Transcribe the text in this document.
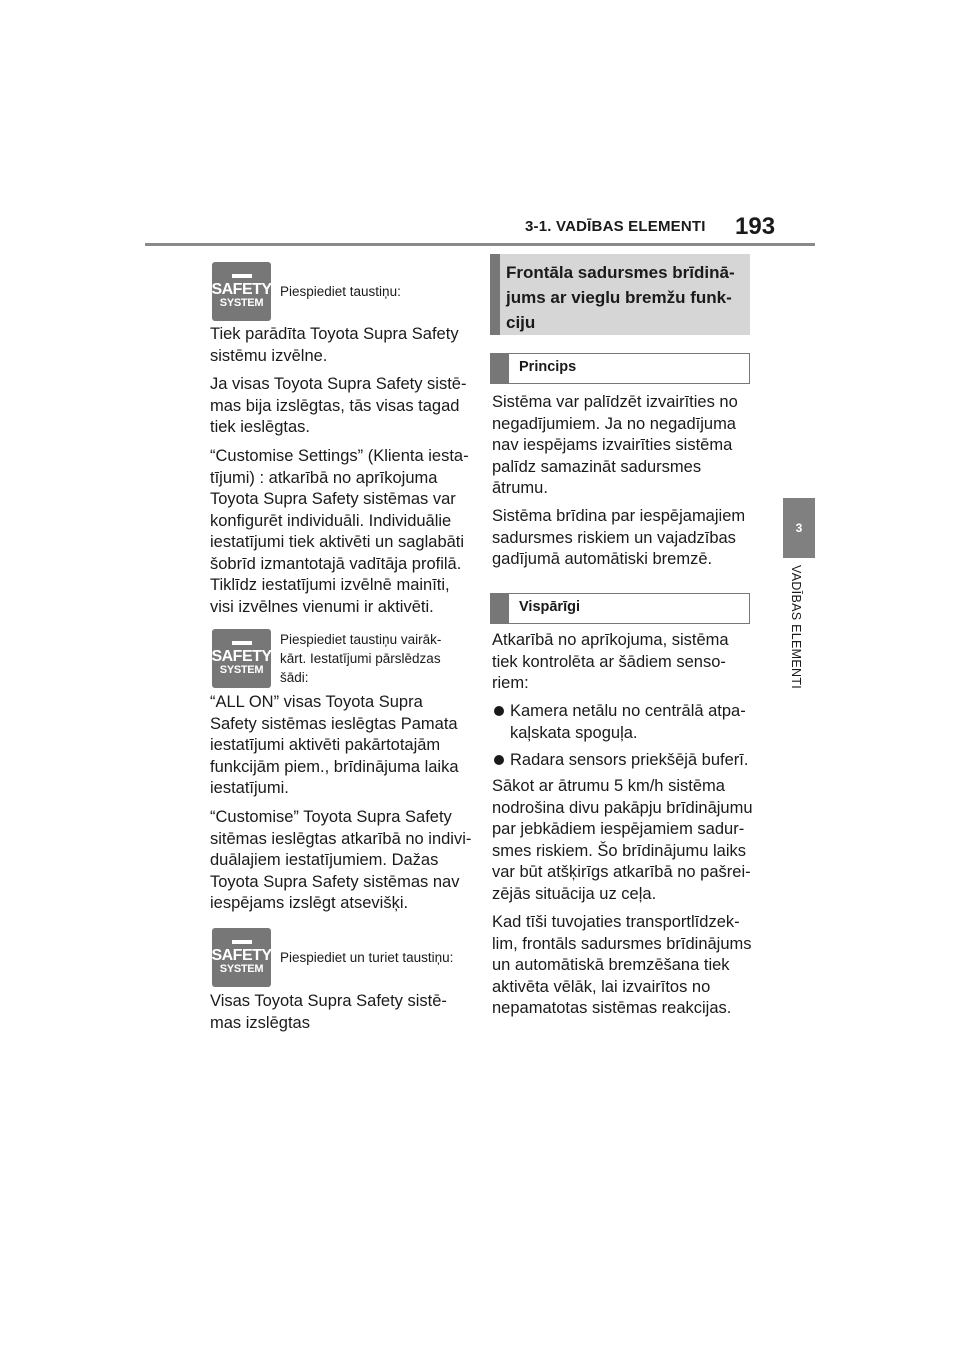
3-1. VADĪBAS ELEMENTI 193
3
VADĪBAS ELEMENTI
SAFETY
SYSTEM
Piespiediet taustiņu:
Tiek parādīta Toyota Supra Safety
sistēmu izvēlne.
Ja visas Toyota Supra Safety sistē-
mas bija izslēgtas, tās visas tagad
tiek ieslēgtas.
“Customise Settings” (Klienta iesta-
tījumi) : atkarībā no aprīkojuma
Toyota Supra Safety sistēmas var
konfigurēt individuāli. Individuālie
iestatījumi tiek aktivēti un saglabāti
šobrīd izmantotajā vadītāja profilā.
Tiklīdz iestatījumi izvēlnē mainīti,
visi izvēlnes vienumi ir aktivēti.
SAFETY
SYSTEM
Piespiediet taustiņu vairāk-
kārt. Iestatījumi pārslēdzas
šādi:
“ALL ON” visas Toyota Supra
Safety sistēmas ieslēgtas Pamata
iestatījumi aktivēti pakārtotajām
funkcijām piem., brīdinājuma laika
iestatījumi.
“Customise” Toyota Supra Safety
sitēmas ieslēgtas atkarībā no indivi-
duālajiem iestatījumiem. Dažas
Toyota Supra Safety sistēmas nav
iespējams izslēgt atsevišķi.
SAFETY
SYSTEM
Piespiediet un turiet taustiņu:
Visas Toyota Supra Safety sistē-
mas izslēgtas
Frontāla sadursmes brīdinā-
jums ar vieglu bremžu funk-
ciju
Princips
Sistēma var palīdzēt izvairīties no
negadījumiem. Ja no negadījuma
nav iespējams izvairīties sistēma
palīdz samazināt sadursmes
ātrumu.
Sistēma brīdina par iespējamajiem
sadursmes riskiem un vajadzības
gadījumā automātiski bremzē.
Vispārīgi
Atkarībā no aprīkojuma, sistēma
tiek kontrolēta ar šādiem senso-
riem:
Kamera netālu no centrālā atpa-
kaļskata spoguļa.
Radara sensors priekšējā buferī.
Sākot ar ātrumu 5 km/h sistēma
nodrošina divu pakāpju brīdinājumu
par jebkādiem iespējamiem sadur-
smes riskiem. Šo brīdinājumu laiks
var būt atšķirīgs atkarībā no pašrei-
zējās situācija uz ceļa.
Kad tīši tuvojaties transportlīdzek-
lim, frontāls sadursmes brīdinājums
un automātiskā bremzēšana tiek
aktivēta vēlāk, lai izvairītos no
nepamatotas sistēmas reakcijas.
